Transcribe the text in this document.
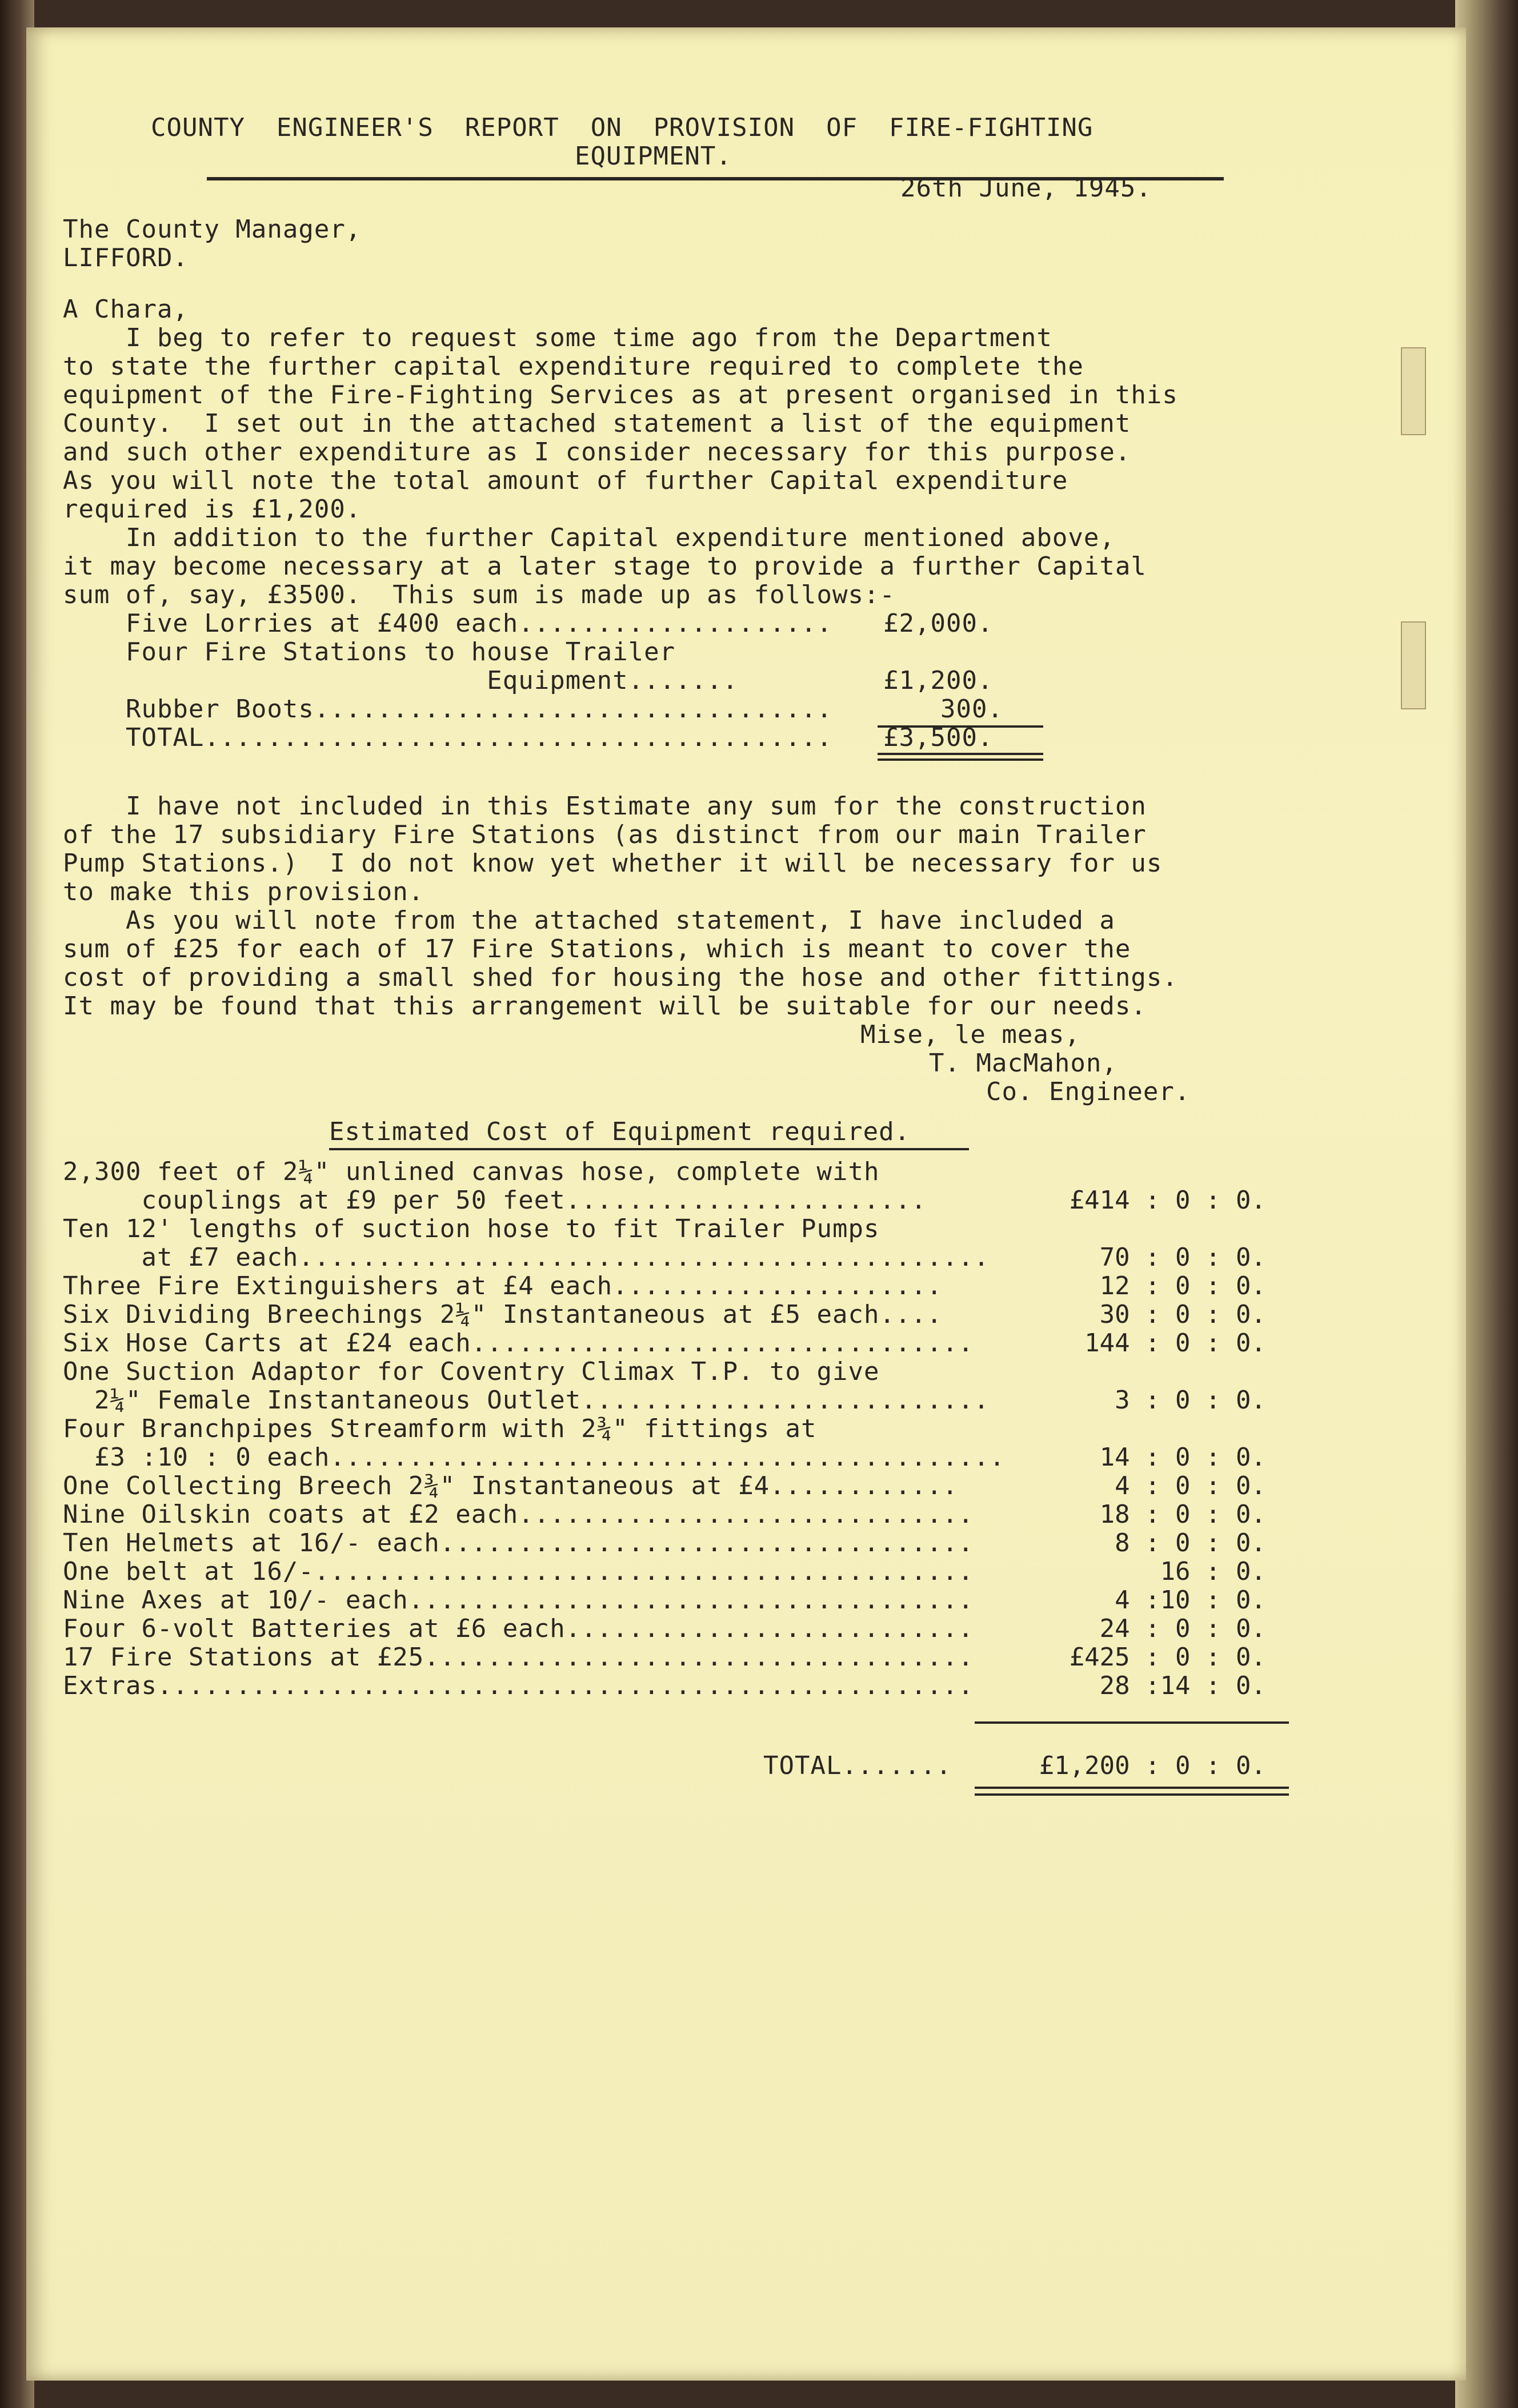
COUNTY  ENGINEER'S  REPORT  ON  PROVISION  OF  FIRE-FIGHTING
EQUIPMENT.
26th June, 1945.
The County Manager,
LIFFORD.
A Chara,
I beg to refer to request some time ago from the Department
to state the further capital expenditure required to complete the
equipment of the Fire-Fighting Services as at present organised in this
County.  I set out in the attached statement a list of the equipment
and such other expenditure as I consider necessary for this purpose.
As you will note the total amount of further Capital expenditure
required is £1,200.
In addition to the further Capital expenditure mentioned above,
it may become necessary at a later stage to provide a further Capital
sum of, say, £3500.  This sum is made up as follows:-
Five Lorries at £400 each.................... £2,000.
Four Fire Stations to house Trailer
Equipment.......	£1,200.
Rubber Boots.................................	300.
TOTAL........................................ £3,500.
I have not included in this Estimate any sum for the construction
of the 17 subsidiary Fire Stations (as distinct from our main Trailer
Pump Stations.)  I do not know yet whether it will be necessary for us
to make this provision.
As you will note from the attached statement, I have included a
sum of £25 for each of 17 Fire Stations, which is meant to cover the
cost of providing a small shed for housing the hose and other fittings.
It may be found that this arrangement will be suitable for our needs.
Mise, le meas,
T. MacMahon,
Co. Engineer.
Estimated Cost of Equipment required.
2,300 feet of 2¼" unlined canvas hose, complete with
couplings at £9 per 50 feet.......................	£414 : 0 : 0.
Ten 12' lengths of suction hose to fit Trailer Pumps
at £7 each............................................	70 : 0 : 0.
Three Fire Extinguishers at £4 each.....................	12 : 0 : 0.
Six Dividing Breechings 2¼" Instantaneous at £5 each....	30 : 0 : 0.
Six Hose Carts at £24 each................................	144 : 0 : 0.
One Suction Adaptor for Coventry Climax T.P. to give
2¼" Female Instantaneous Outlet..........................	3 : 0 : 0.
Four Branchpipes Streamform with 2¾" fittings at
£3 :10 : 0 each...........................................	14 : 0 : 0.
One Collecting Breech 2¾" Instantaneous at £4............	4 : 0 : 0.
Nine Oilskin coats at £2 each.............................	18 : 0 : 0.
Ten Helmets at 16/- each..................................	8 : 0 : 0.
One belt at 16/-..........................................	16 : 0.
Nine Axes at 10/- each....................................	4 :10 : 0.
Four 6-volt Batteries at £6 each..........................	24 : 0 : 0.
17 Fire Stations at £25...................................	£425 : 0 : 0.
Extras....................................................	28 :14 : 0.
TOTAL.......	£1,200 : 0 : 0.
